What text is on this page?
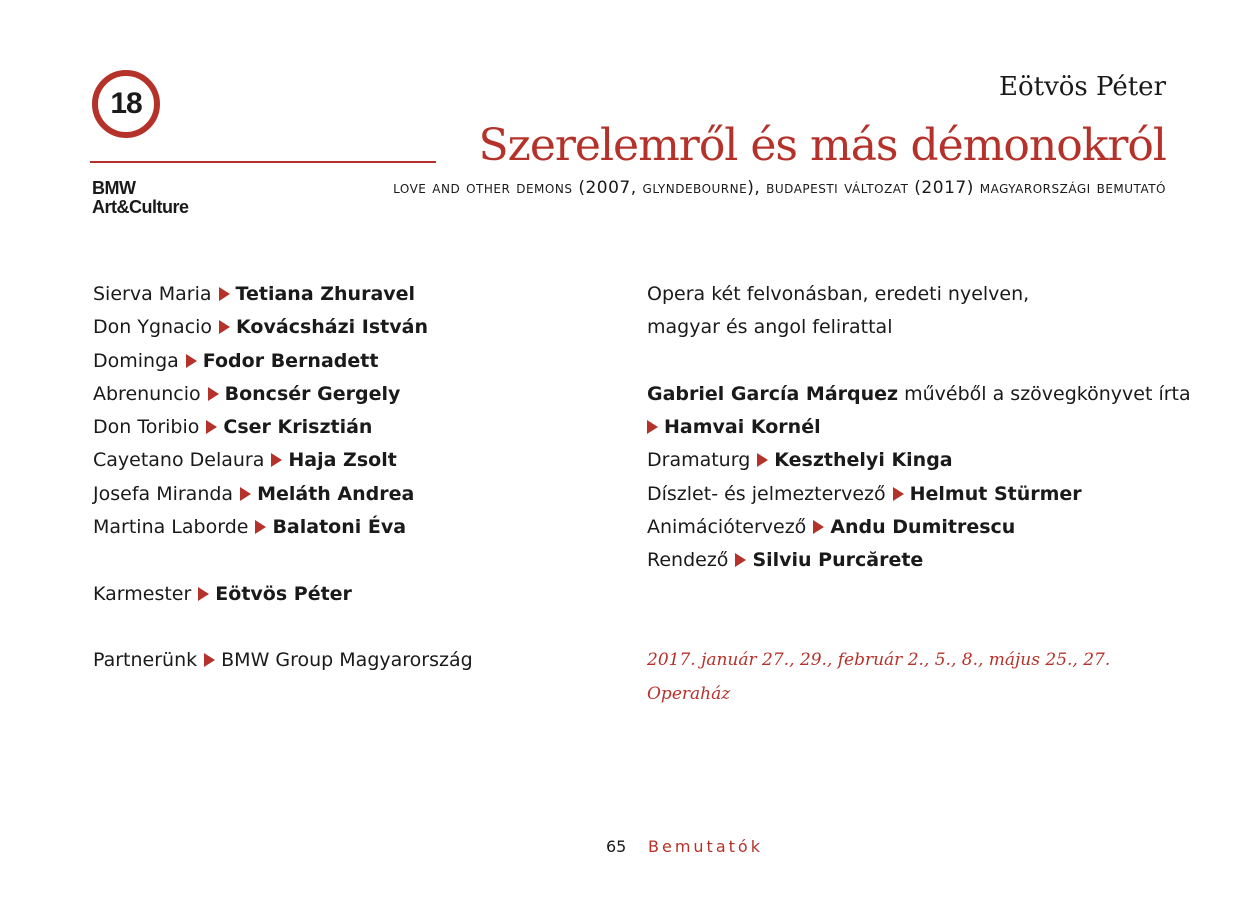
18
BMW
Art&Culture
Eötvös Péter
Szerelemről és más démonokról
love and other demons (2007, glyndebourne), budapesti változat (2017) magyarországi bemutató
Sierva Maria Tetiana Zhuravel
Don Ygnacio Kovácsházi István
Dominga Fodor Bernadett
Abrenuncio Boncsér Gergely
Don Toribio Cser Krisztián
Cayetano Delaura Haja Zsolt
Josefa Miranda Meláth Andrea
Martina Laborde Balatoni Éva
Karmester Eötvös Péter
Partnerünk BMW Group Magyarország
Opera két felvonásban, eredeti nyelven,
magyar és angol felirattal
Gabriel García Márquez művéből a szövegkönyvet írta
Hamvai Kornél
Dramaturg Keszthelyi Kinga
Díszlet- és jelmeztervező Helmut Stürmer
Animációtervező Andu Dumitrescu
Rendező Silviu Purcărete
2017. január 27., 29., február 2., 5., 8., május 25., 27.
Operaház
65 Bemutatók
